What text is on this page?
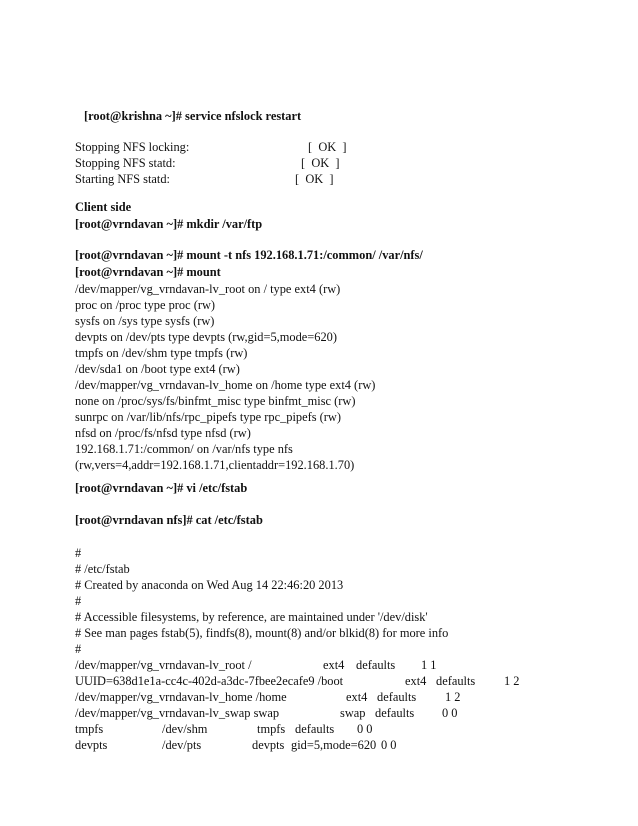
[root@krishna ~]# service nfslock restart
Stopping NFS locking:	[  OK  ]
Stopping NFS statd:	[  OK  ]
Starting NFS statd:	[  OK  ]
Client side
[root@vrndavan ~]# mkdir /var/ftp
[root@vrndavan ~]# mount -t nfs 192.168.1.71:/common/ /var/nfs/
[root@vrndavan ~]# mount
/dev/mapper/vg_vrndavan-lv_root on / type ext4 (rw)
proc on /proc type proc (rw)
sysfs on /sys type sysfs (rw)
devpts on /dev/pts type devpts (rw,gid=5,mode=620)
tmpfs on /dev/shm type tmpfs (rw)
/dev/sda1 on /boot type ext4 (rw)
/dev/mapper/vg_vrndavan-lv_home on /home type ext4 (rw)
none on /proc/sys/fs/binfmt_misc type binfmt_misc (rw)
sunrpc on /var/lib/nfs/rpc_pipefs type rpc_pipefs (rw)
nfsd on /proc/fs/nfsd type nfsd (rw)
192.168.1.71:/common/ on /var/nfs type nfs
(rw,vers=4,addr=192.168.1.71,clientaddr=192.168.1.70)
[root@vrndavan ~]# vi /etc/fstab
[root@vrndavan nfs]# cat /etc/fstab
#
# /etc/fstab
# Created by anaconda on Wed Aug 14 22:46:20 2013
#
# Accessible filesystems, by reference, are maintained under '/dev/disk'
# See man pages fstab(5), findfs(8), mount(8) and/or blkid(8) for more info
#
/dev/mapper/vg_vrndavan-lv_root /	ext4 defaults 1 1
UUID=638d1e1a-cc4c-402d-a3dc-7fbee2ecafe9 /boot	ext4 defaults 1 2
/dev/mapper/vg_vrndavan-lv_home /home	ext4 defaults 1 2
/dev/mapper/vg_vrndavan-lv_swap swap	swap defaults 0 0
tmpfs	/dev/shm	tmpfs defaults 0 0
devpts	/dev/pts	devpts gid=5,mode=620 0 0
